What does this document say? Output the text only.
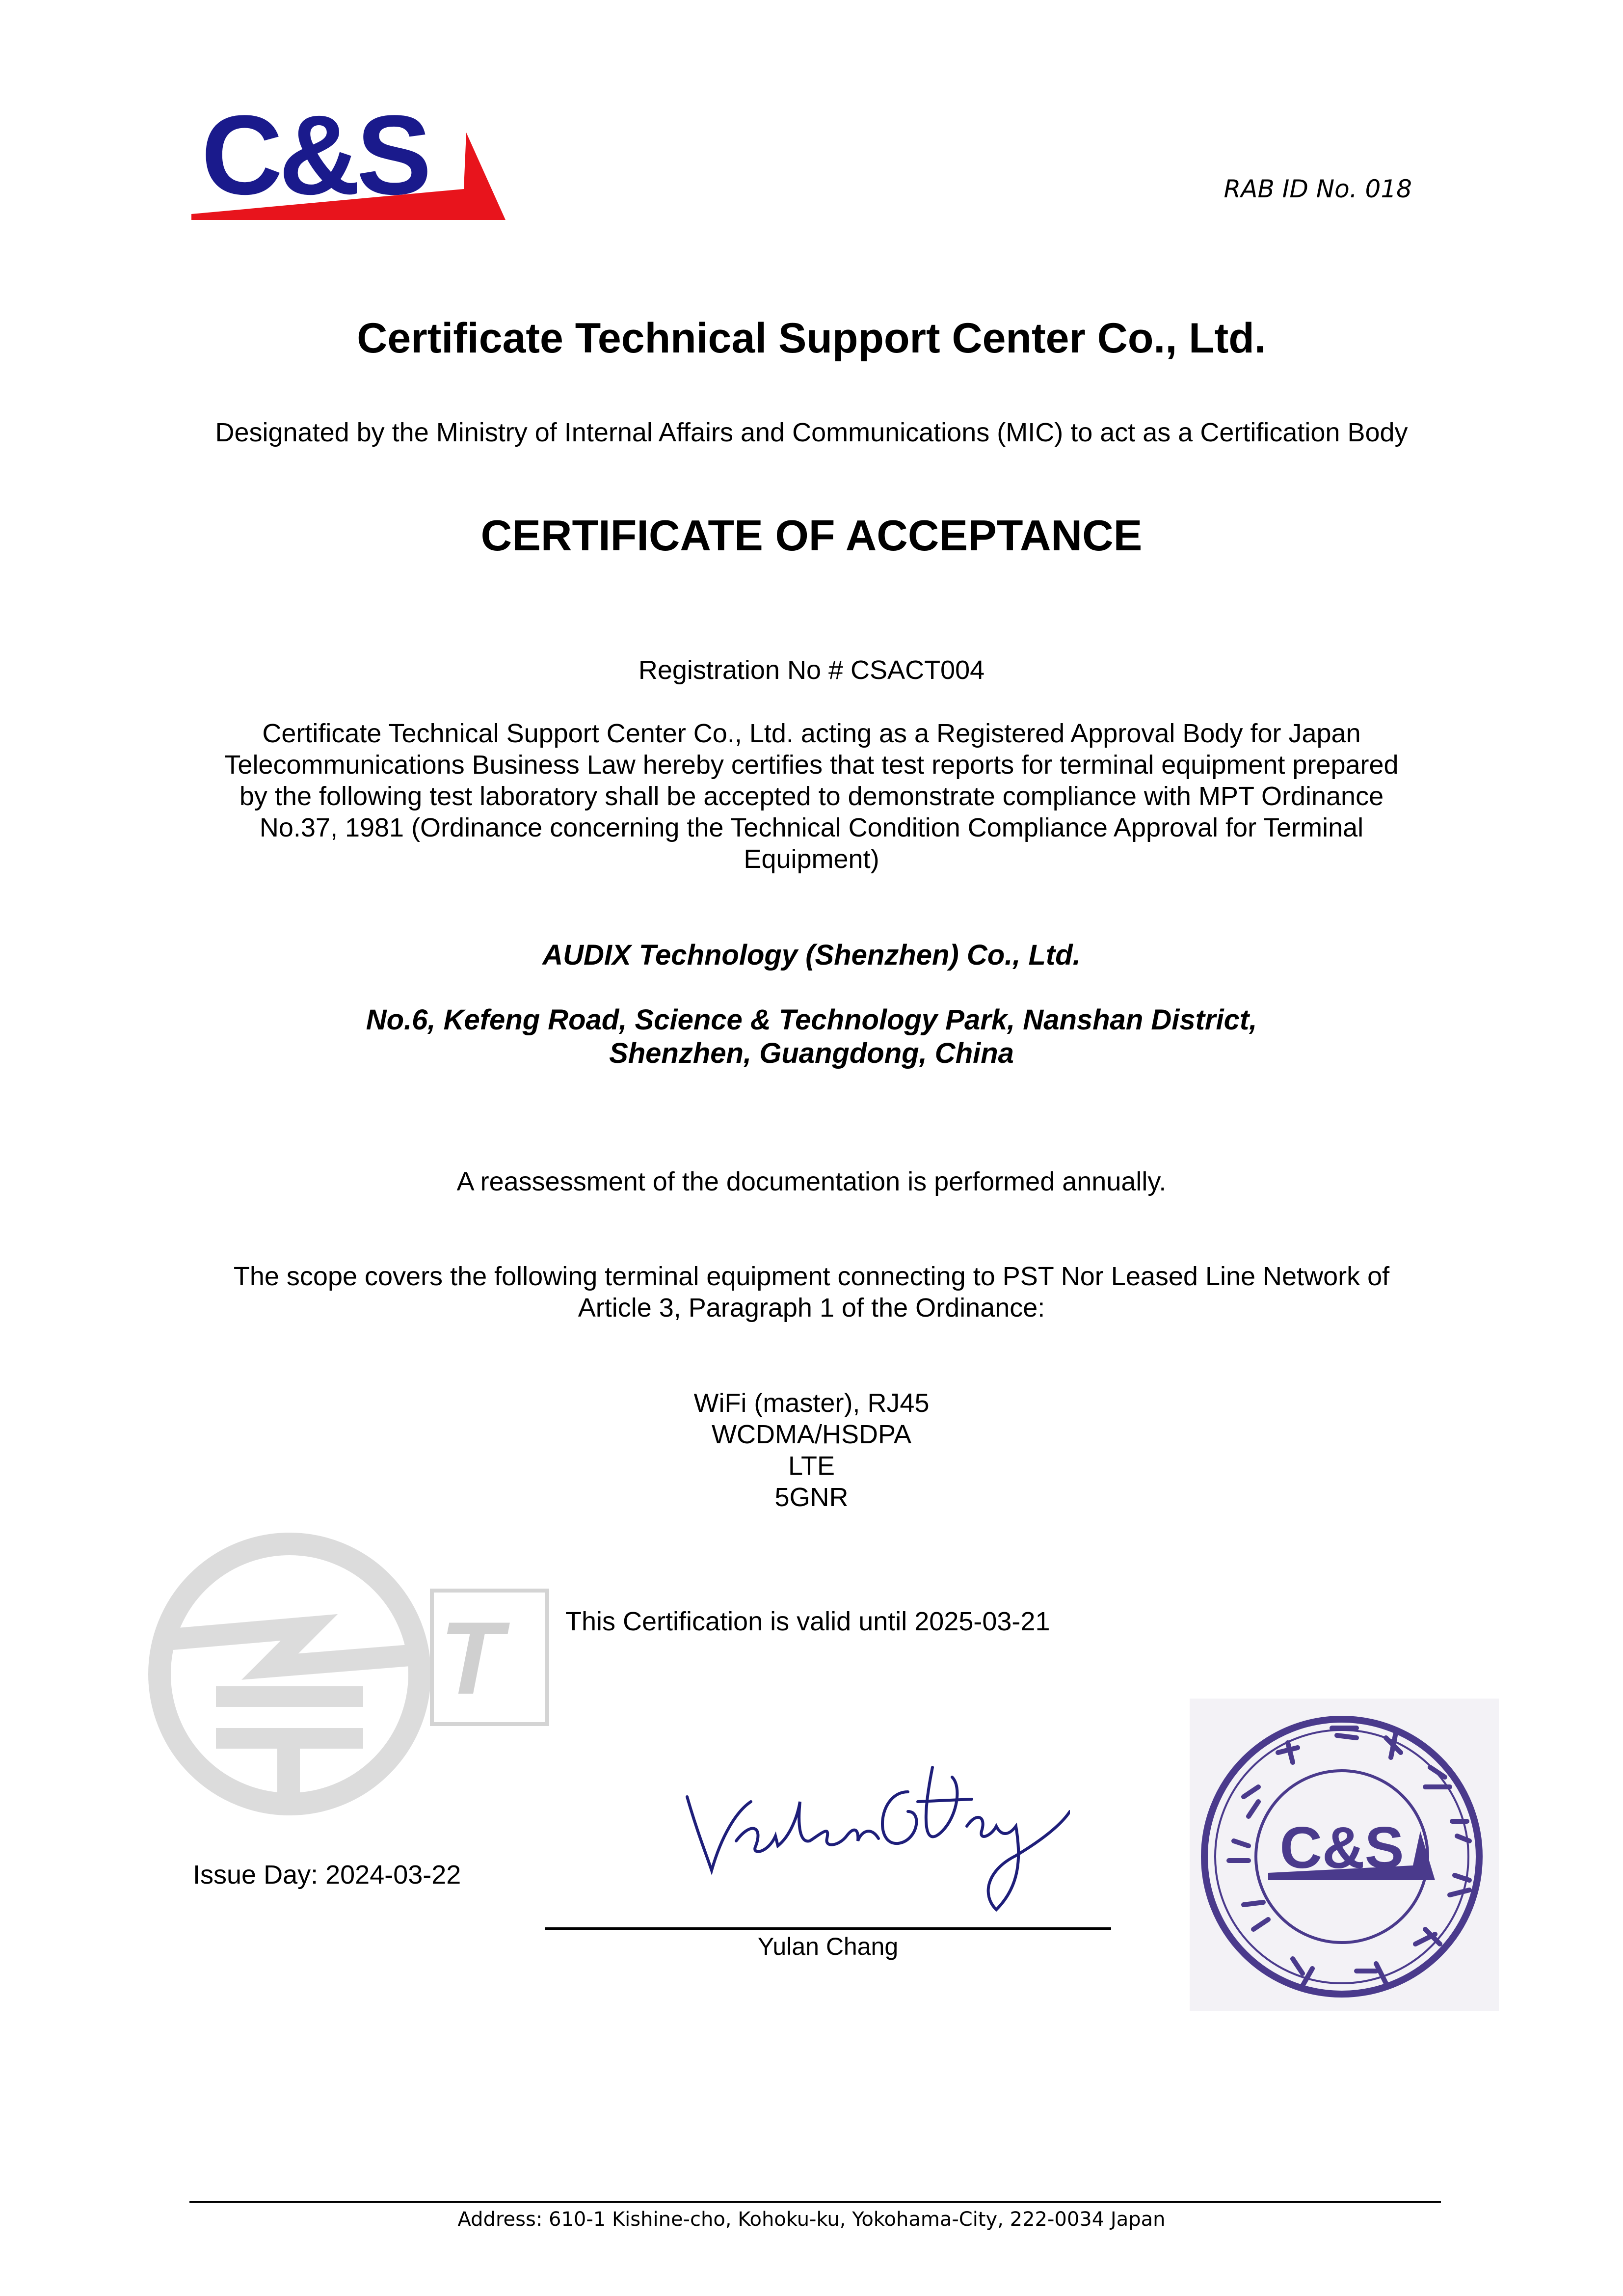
C&S	RAB ID No. 018
Certificate Technical Support Center Co., Ltd.
Designated by the Ministry of Internal Affairs and Communications (MIC) to act as a Certification Body
CERTIFICATE OF ACCEPTANCE
Registration No # CSACT004
Certificate Technical Support Center Co., Ltd. acting as a Registered Approval Body for Japan
Telecommunications Business Law hereby certifies that test reports for terminal equipment prepared
by the following test laboratory shall be accepted to demonstrate compliance with MPT Ordinance
No.37, 1981 (Ordinance concerning the Technical Condition Compliance Approval for Terminal
Equipment)
AUDIX Technology (Shenzhen) Co., Ltd.
No.6, Kefeng Road, Science & Technology Park, Nanshan District,
Shenzhen, Guangdong, China
A reassessment of the documentation is performed annually.
The scope covers the following terminal equipment connecting to PST Nor Leased Line Network of
Article 3, Paragraph 1 of the Ordinance:
WiFi (master), RJ45
WCDMA/HSDPA
LTE
5GNR
T This Certification is valid until 2025-03-21
Issue Day: 2024-03-22
Yulan Chang
C&S
Address: 610-1 Kishine-cho, Kohoku-ku, Yokohama-City, 222-0034 Japan
